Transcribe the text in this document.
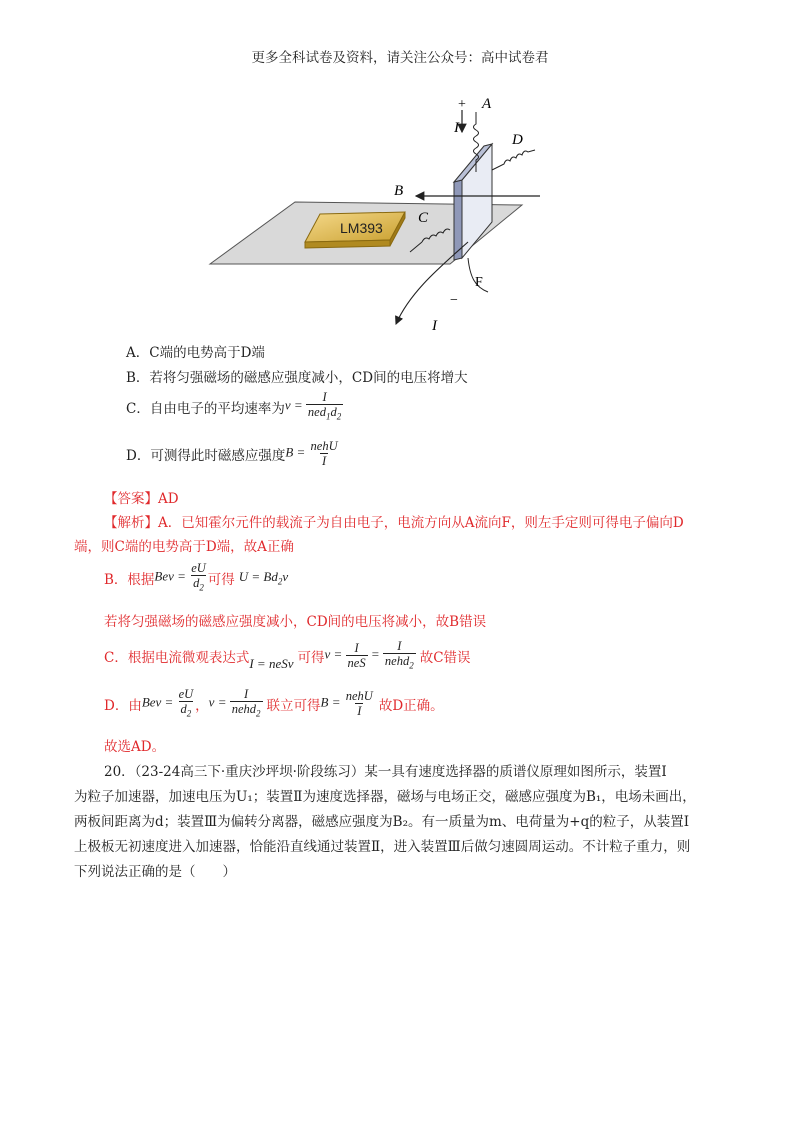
更多全科试卷及资料，请关注公众号：高中试卷君
LM393
C
B
+ A
I
D
F
−
I
A．C端的电势高于D端
B．若将匀强磁场的磁感应强度减小，CD间的电压将增大
C．自由电子的平均速率为 $v = \frac{I}{ned_1d_2}$
D．可测得此时磁感应强度 $B = \frac{\text{nehU}}{I}$
【答案】AD
【解析】A．已知霍尔元件的载流子为自由电子，电流方向从A流向F，则左手定则可得电子偏向D
端，则C端的电势高于D端，故A正确
B．根据 Bev = $\frac{eU}{d_2}$ 可得 $U = Bd_2v$
若将匀强磁场的磁感应强度减小，CD间的电压将减小，故B错误
C．根据电流微观表达式 I = neSv 可得 $v = \frac{I}{\text{neS}} = \frac{I}{nehd_2}$ 故C错误
D．由 Bev = $\frac{eU}{d_2}$ ， $v = \frac{I}{nehd_2}$ 联立可得 $B = \frac{\text{nehU}}{I}$ 故D正确。
故选AD。
20．（23-24高三下·重庆沙坪坝·阶段练习）某一具有速度选择器的质谱仪原理如图所示，装置Ⅰ
为粒子加速器，加速电压为U₁；装置Ⅱ为速度选择器，磁场与电场正交，磁感应强度为B₁，电场未画出，
两板间距离为d；装置Ⅲ为偏转分离器，磁感应强度为B₂。有一质量为m、电荷量为+q的粒子，从装置Ⅰ
上极板无初速度进入加速器，恰能沿直线通过装置Ⅱ，进入装置Ⅲ后做匀速圆周运动。不计粒子重力，则
下列说法正确的是（　　）
